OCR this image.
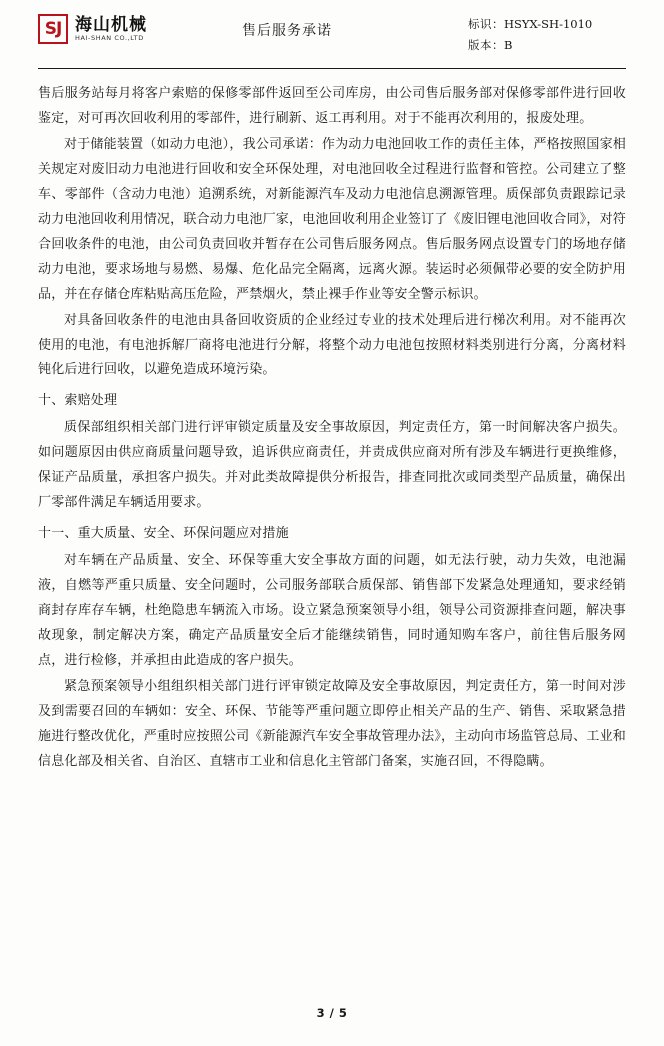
SJ 海山机械
HAI-SHAN CO.,LTD	售后服务承诺	标识：HSYX-SH-1010
版本：B

售后服务站每月将客户索赔的保修零部件返回至公司库房，由公司售后服务部对保修零部件进行回收鉴定，对可再次回收利用的零部件，进行刷新、返工再利用。对于不能再次利用的，报废处理。

对于储能装置（如动力电池），我公司承诺：作为动力电池回收工作的责任主体，严格按照国家相关规定对废旧动力电池进行回收和安全环保处理，对电池回收全过程进行监督和管控。公司建立了整车、零部件（含动力电池）追溯系统，对新能源汽车及动力电池信息溯源管理。质保部负责跟踪记录动力电池回收利用情况，联合动力电池厂家，电池回收利用企业签订了《废旧锂电池回收合同》，对符合回收条件的电池，由公司负责回收并暂存在公司售后服务网点。售后服务网点设置专门的场地存储动力电池，要求场地与易燃、易爆、危化品完全隔离，远离火源。装运时必须佩带必要的安全防护用品，并在存储仓库粘贴高压危险，严禁烟火，禁止裸手作业等安全警示标识。

对具备回收条件的电池由具备回收资质的企业经过专业的技术处理后进行梯次利用。对不能再次使用的电池，有电池拆解厂商将电池进行分解，将整个动力电池包按照材料类别进行分离，分离材料钝化后进行回收，以避免造成环境污染。

十、索赔处理

质保部组织相关部门进行评审锁定质量及安全事故原因，判定责任方，第一时间解决客户损失。如问题原因由供应商质量问题导致，追诉供应商责任，并责成供应商对所有涉及车辆进行更换维修，保证产品质量，承担客户损失。并对此类故障提供分析报告，排查同批次或同类型产品质量，确保出厂零部件满足车辆适用要求。

十一、重大质量、安全、环保问题应对措施

对车辆在产品质量、安全、环保等重大安全事故方面的问题，如无法行驶，动力失效，电池漏液，自燃等严重只质量、安全问题时，公司服务部联合质保部、销售部下发紧急处理通知，要求经销商封存库存车辆，杜绝隐患车辆流入市场。设立紧急预案领导小组，领导公司资源排查问题，解决事故现象，制定解决方案，确定产品质量安全后才能继续销售，同时通知购车客户，前往售后服务网点，进行检修，并承担由此造成的客户损失。

紧急预案领导小组组织相关部门进行评审锁定故障及安全事故原因，判定责任方，第一时间对涉及到需要召回的车辆如：安全、环保、节能等严重问题立即停止相关产品的生产、销售、采取紧急措施进行整改优化，严重时应按照公司《新能源汽车安全事故管理办法》，主动向市场监管总局、工业和信息化部及相关省、自治区、直辖市工业和信息化主管部门备案，实施召回，不得隐瞒。

3 / 5
